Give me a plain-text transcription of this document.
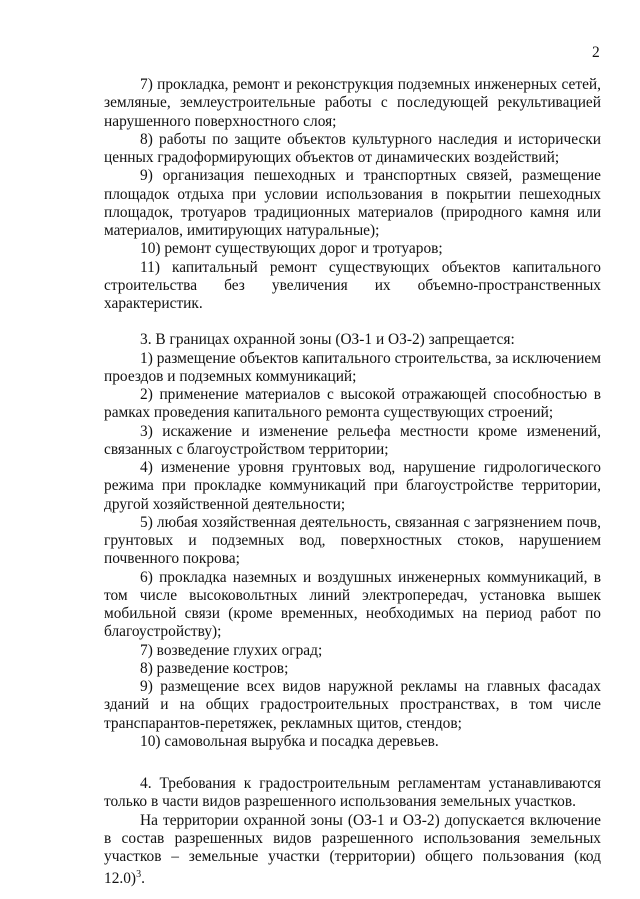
2

7) прокладка, ремонт и реконструкция подземных инженерных сетей, земляные, землеустроительные работы с последующей рекультивацией нарушенного поверхностного слоя;

8) работы по защите объектов культурного наследия и исторически ценных градоформирующих объектов от динамических воздействий;

9) организация пешеходных и транспортных связей, размещение площадок отдыха при условии использования в покрытии пешеходных площадок, тротуаров традиционных материалов (природного камня или материалов, имитирующих натуральные);

10) ремонт существующих дорог и тротуаров;

11) капитальный ремонт существующих объектов капитального строительства без увеличения их объемно-пространственных характеристик.

3. В границах охранной зоны (ОЗ-1 и ОЗ-2) запрещается:

1) размещение объектов капитального строительства, за исключением проездов и подземных коммуникаций;

2) применение материалов с высокой отражающей способностью в рамках проведения капитального ремонта существующих строений;

3) искажение и изменение рельефа местности кроме изменений, связанных с благоустройством территории;

4) изменение уровня грунтовых вод, нарушение гидрологического режима при прокладке коммуникаций при благоустройстве территории, другой хозяйственной деятельности;

5) любая хозяйственная деятельность, связанная с загрязнением почв, грунтовых и подземных вод, поверхностных стоков, нарушением почвенного покрова;

6) прокладка наземных и воздушных инженерных коммуникаций, в том числе высоковольтных линий электропередач, установка вышек мобильной связи (кроме временных, необходимых на период работ по благоустройству);

7) возведение глухих оград;

8) разведение костров;

9) размещение всех видов наружной рекламы на главных фасадах зданий и на общих градостроительных пространствах, в том числе транспарантов-перетяжек, рекламных щитов, стендов;

10) самовольная вырубка и посадка деревьев.

4. Требования к градостроительным регламентам устанавливаются только в части видов разрешенного использования земельных участков.

На территории охранной зоны (ОЗ-1 и ОЗ-2) допускается включение в состав разрешенных видов разрешенного использования земельных участков – земельные участки (территории) общего пользования (код 12.0)$^3$.
